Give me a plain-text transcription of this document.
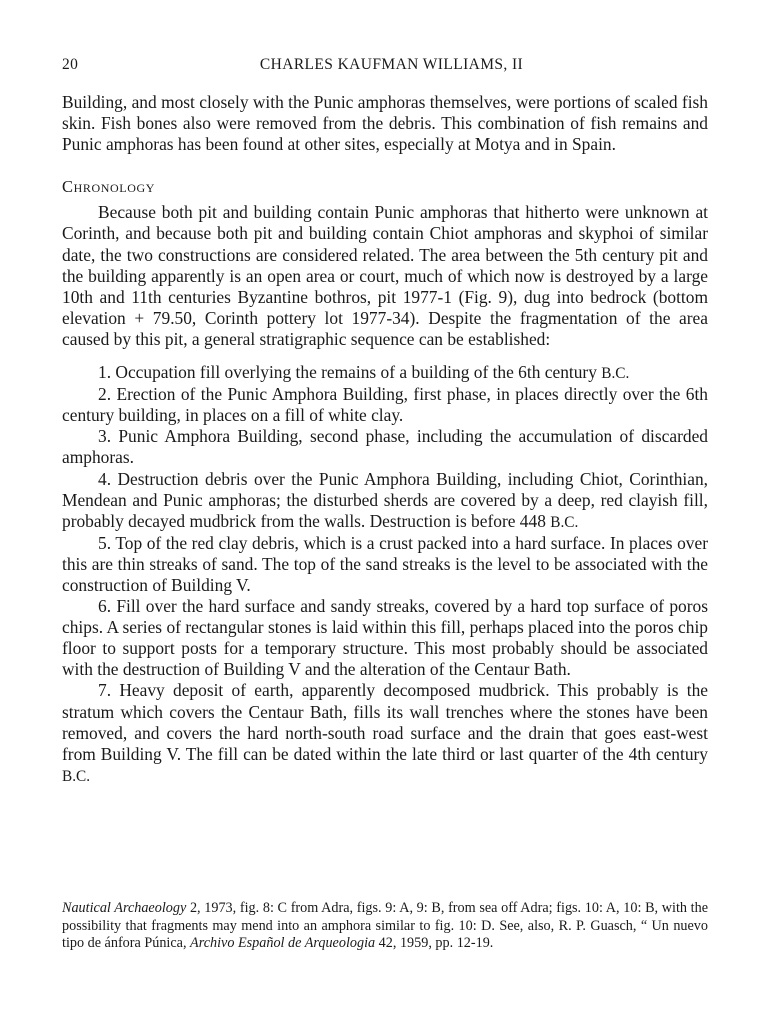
20	CHARLES KAUFMAN WILLIAMS, II

Building, and most closely with the Punic amphoras themselves, were portions of scaled fish skin. Fish bones also were removed from the debris. This combination of fish remains and Punic amphoras has been found at other sites, especially at Motya and in Spain.

Chronology

Because both pit and building contain Punic amphoras that hitherto were unknown at Corinth, and because both pit and building contain Chiot amphoras and skyphoi of similar date, the two constructions are considered related. The area between the 5th century pit and the building apparently is an open area or court, much of which now is destroyed by a large 10th and 11th centuries Byzantine bothros, pit 1977-1 (Fig. 9), dug into bedrock (bottom elevation + 79.50, Corinth pottery lot 1977-34). Despite the fragmentation of the area caused by this pit, a general stratigraphic sequence can be established:

1. Occupation fill overlying the remains of a building of the 6th century B.C.
2. Erection of the Punic Amphora Building, first phase, in places directly over the 6th century building, in places on a fill of white clay.
3. Punic Amphora Building, second phase, including the accumulation of discarded amphoras.
4. Destruction debris over the Punic Amphora Building, including Chiot, Corinthian, Mendean and Punic amphoras; the disturbed sherds are covered by a deep, red clayish fill, probably decayed mudbrick from the walls. Destruction is before 448 B.C.
5. Top of the red clay debris, which is a crust packed into a hard surface. In places over this are thin streaks of sand. The top of the sand streaks is the level to be associated with the construction of Building V.
6. Fill over the hard surface and sandy streaks, covered by a hard top surface of poros chips. A series of rectangular stones is laid within this fill, perhaps placed into the poros chip floor to support posts for a temporary structure. This most probably should be associated with the destruction of Building V and the alteration of the Centaur Bath.
7. Heavy deposit of earth, apparently decomposed mudbrick. This probably is the stratum which covers the Centaur Bath, fills its wall trenches where the stones have been removed, and covers the hard north-south road surface and the drain that goes east-west from Building V. The fill can be dated within the late third or last quarter of the 4th century B.C.

Nautical Archaeology 2, 1973, fig. 8: C from Adra, figs. 9: A, 9: B, from sea off Adra; figs. 10: A, 10: B, with the possibility that fragments may mend into an amphora similar to fig. 10: D. See, also, R. P. Guasch, “ Un nuevo tipo de ánfora Púnica, Archivo Español de Arqueologia 42, 1959, pp. 12-19.
